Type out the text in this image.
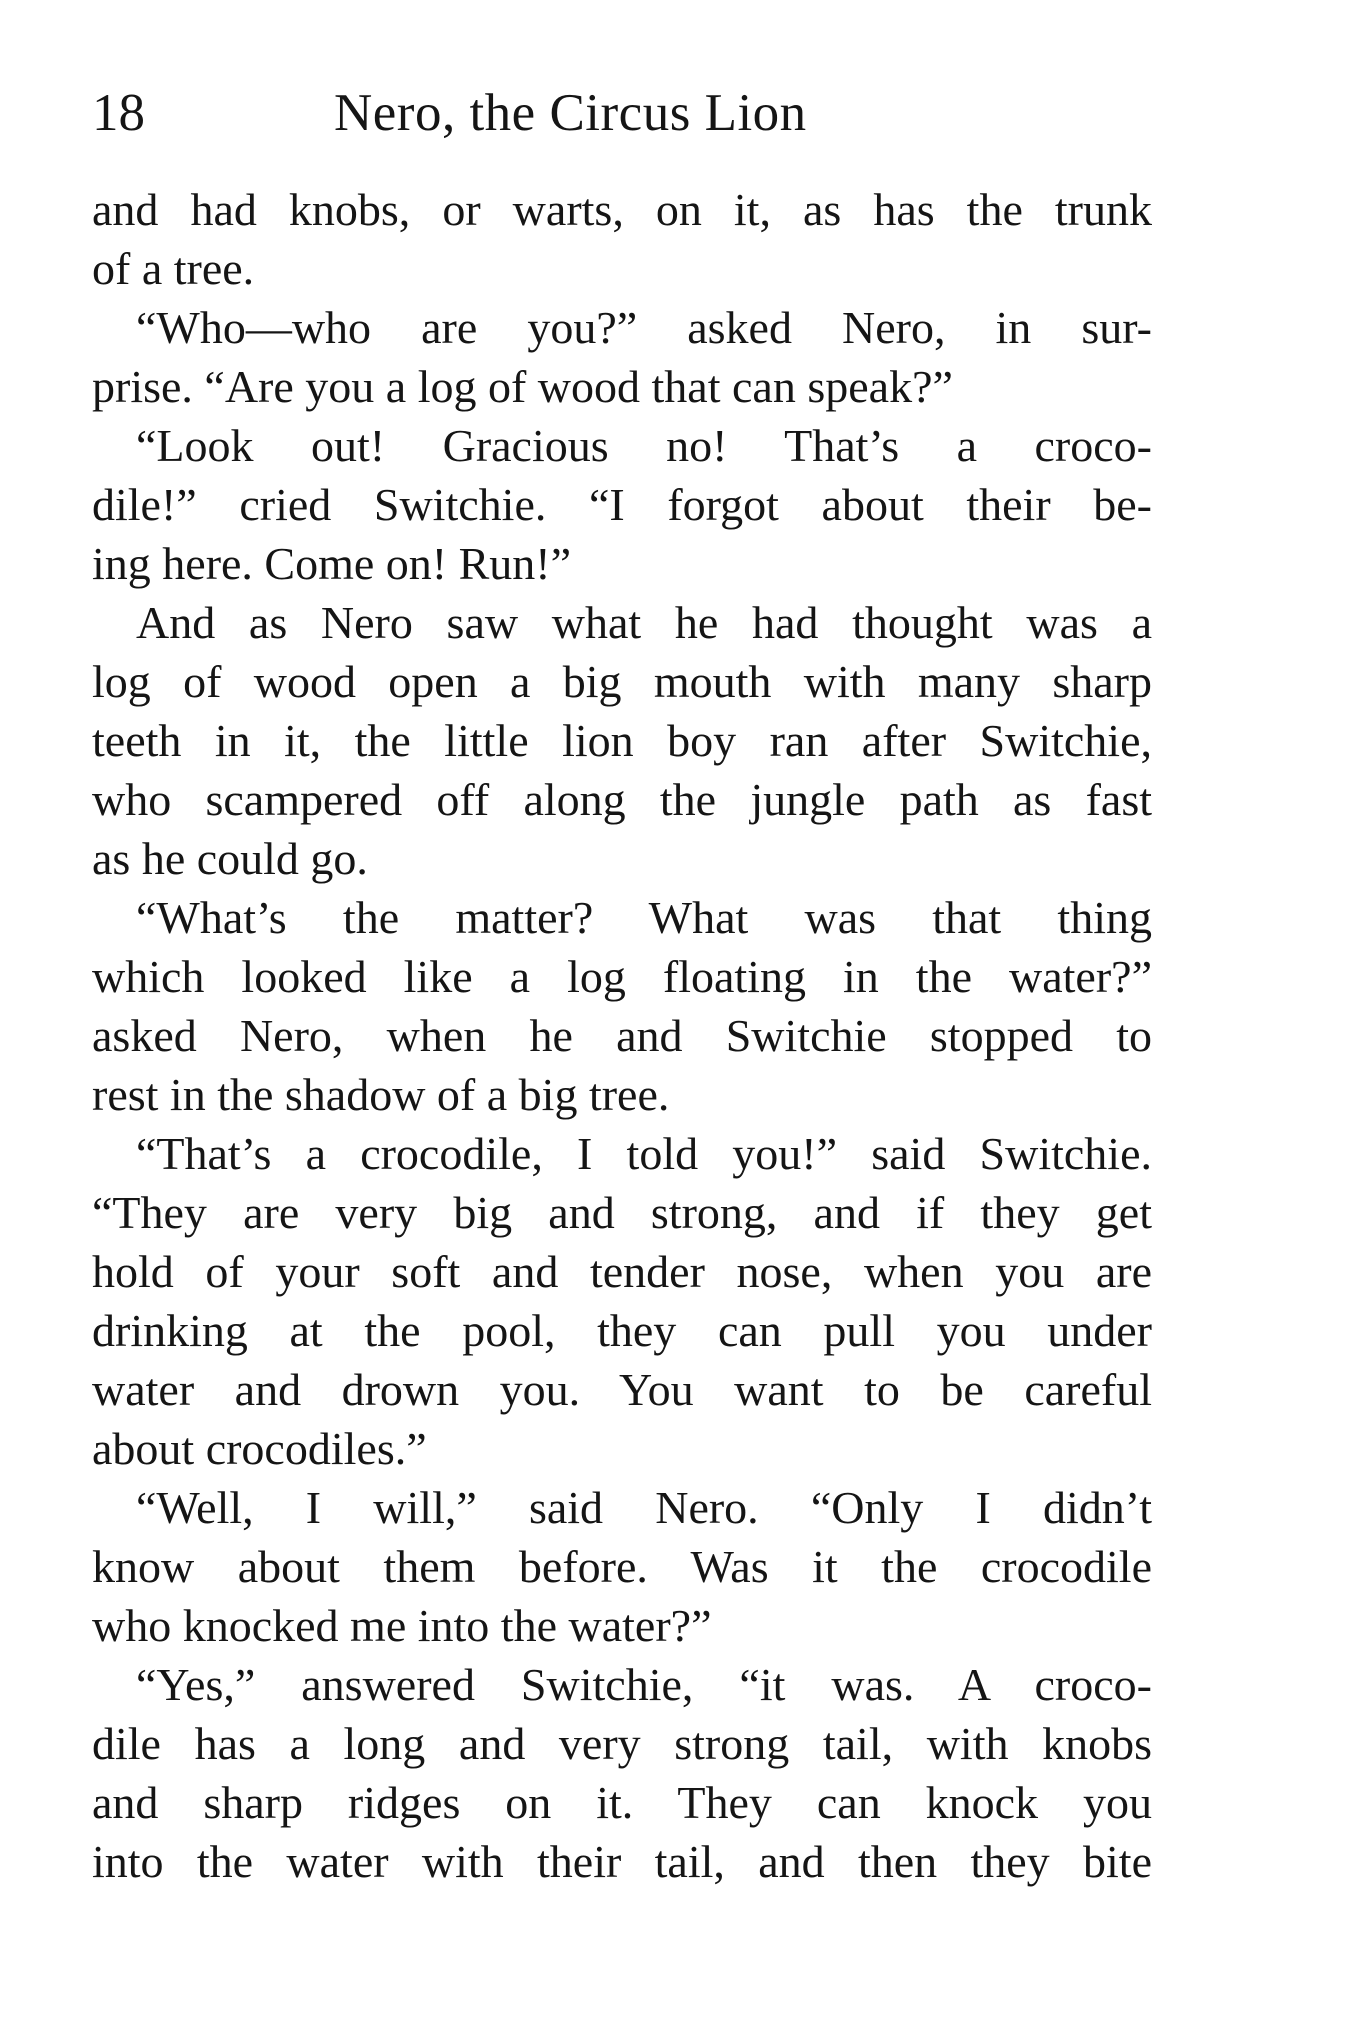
18	Nero, the Circus Lion
and had knobs, or warts, on it, as has the trunk
of a tree.
“Who—who are you?” asked Nero, in sur-
prise. “Are you a log of wood that can speak?”
“Look out! Gracious no! That’s a croco-
dile!” cried Switchie. “I forgot about their be-
ing here. Come on! Run!”
And as Nero saw what he had thought was a
log of wood open a big mouth with many sharp
teeth in it, the little lion boy ran after Switchie,
who scampered off along the jungle path as fast
as he could go.
“What’s the matter? What was that thing
which looked like a log floating in the water?”
asked Nero, when he and Switchie stopped to
rest in the shadow of a big tree.
“That’s a crocodile, I told you!” said Switchie.
“They are very big and strong, and if they get
hold of your soft and tender nose, when you are
drinking at the pool, they can pull you under
water and drown you. You want to be careful
about crocodiles.”
“Well, I will,” said Nero. “Only I didn’t
know about them before. Was it the crocodile
who knocked me into the water?”
“Yes,” answered Switchie, “it was. A croco-
dile has a long and very strong tail, with knobs
and sharp ridges on it. They can knock you
into the water with their tail, and then they bite
